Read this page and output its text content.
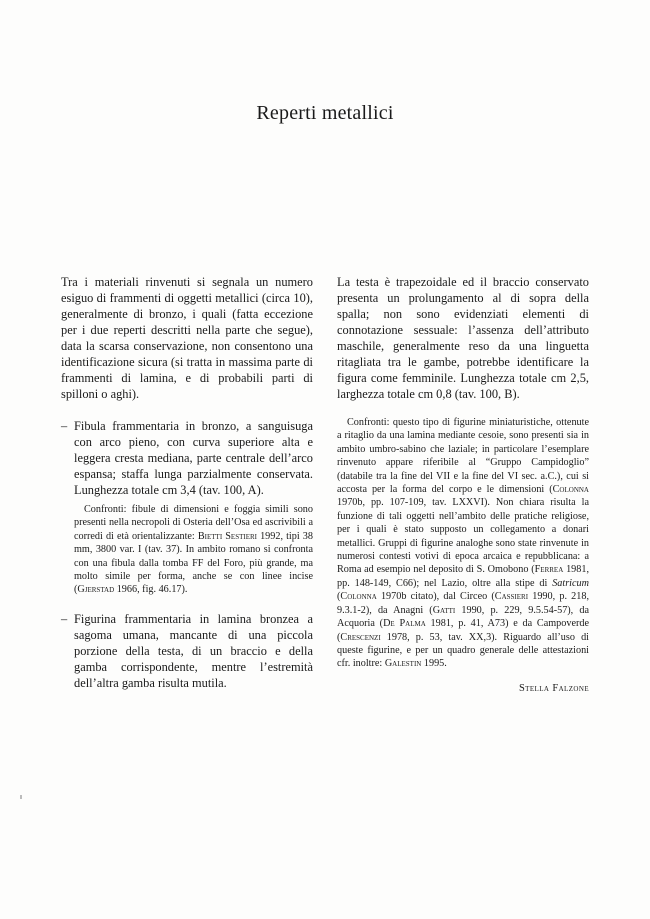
Reperti metallici

Tra i materiali rinvenuti si segnala un numero esiguo di frammenti di oggetti metallici (circa 10), generalmente di bronzo, i quali (fatta eccezione per i due reperti descritti nella parte che segue), data la scarsa conservazione, non consentono una identificazione sicura (si tratta in massima parte di frammenti di lamina, e di probabili parti di spilloni o aghi).

– Fibula frammentaria in bronzo, a sanguisuga con arco pieno, con curva superiore alta e leggera cresta mediana, parte centrale dell’arco espansa; staffa lunga parzialmente conservata. Lunghezza totale cm 3,4 (tav. 100, A).

Confronti: fibule di dimensioni e foggia simili sono presenti nella necropoli di Osteria dell’Osa ed ascrivibili a corredi di età orientalizzante: Bietti Sestieri 1992, tipi 38 mm, 3800 var. I (tav. 37). In ambito romano si confronta con una fibula dalla tomba FF del Foro, più grande, ma molto simile per forma, anche se con linee incise (Gjerstad 1966, fig. 46.17).

– Figurina frammentaria in lamina bronzea a sagoma umana, mancante di una piccola porzione della testa, di un braccio e della gamba corrispondente, mentre l’estremità dell’altra gamba risulta mutila.

La testa è trapezoidale ed il braccio conservato presenta un prolungamento al di sopra della spalla; non sono evidenziati elementi di connotazione sessuale: l’assenza dell’attributo maschile, generalmente reso da una linguetta ritagliata tra le gambe, potrebbe identificare la figura come femminile. Lunghezza totale cm 2,5, larghezza totale cm 0,8 (tav. 100, B).

Confronti: questo tipo di figurine miniaturistiche, ottenute a ritaglio da una lamina mediante cesoie, sono presenti sia in ambito umbro-sabino che laziale; in particolare l’esemplare rinvenuto appare riferibile al “Gruppo Campidoglio” (databile tra la fine del VII e la fine del VI sec. a.C.), cui si accosta per la forma del corpo e le dimensioni (Colonna 1970b, pp. 107-109, tav. LXXVI). Non chiara risulta la funzione di tali oggetti nell’ambito delle pratiche religiose, per i quali è stato supposto un collegamento a donari metallici. Gruppi di figurine analoghe sono state rinvenute in numerosi contesti votivi di epoca arcaica e repubblicana: a Roma ad esempio nel deposito di S. Omobono (Ferrea 1981, pp. 148-149, C66); nel Lazio, oltre alla stipe di Satricum (Colonna 1970b citato), dal Circeo (Cassieri 1990, p. 218, 9.3.1-2), da Anagni (Gatti 1990, p. 229, 9.5.54-57), da Acquoria (De Palma 1981, p. 41, A73) e da Campoverde (Crescenzi 1978, p. 53, tav. XX,3). Riguardo all’uso di queste figurine, e per un quadro generale delle attestazioni cfr. inoltre: Galestin 1995.

Stella Falzone
